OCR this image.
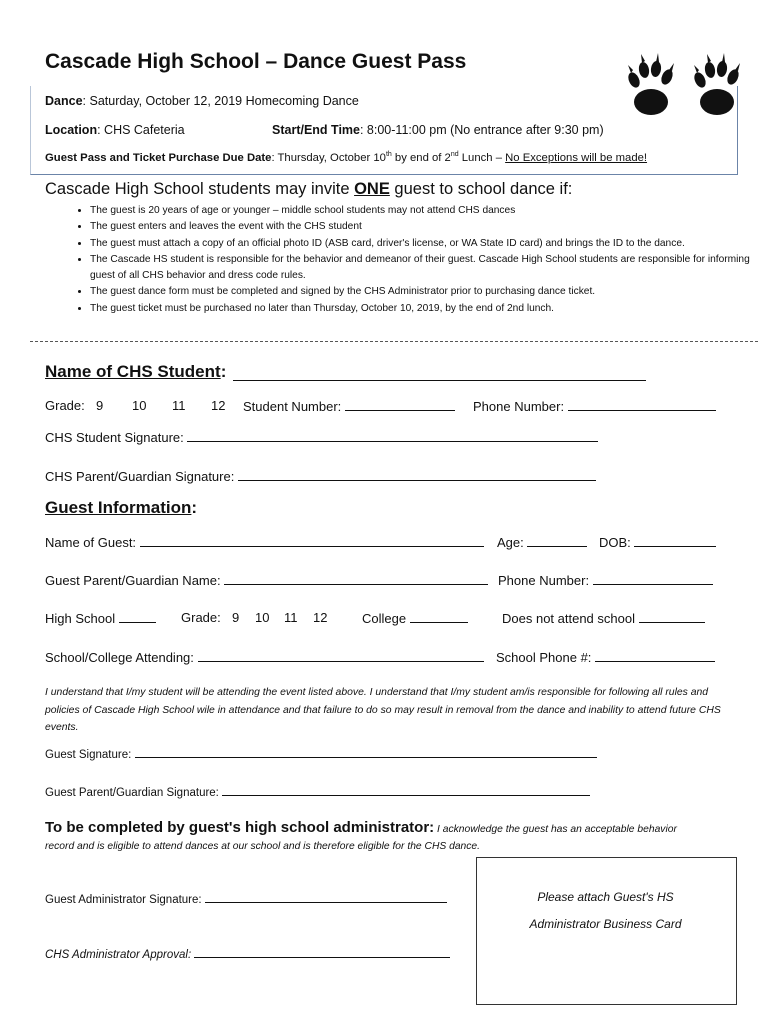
Cascade High School – Dance Guest Pass
Dance: Saturday, October 12, 2019 Homecoming Dance
Location: CHS Cafeteria	Start/End Time: 8:00-11:00 pm (No entrance after 9:30 pm)
Guest Pass and Ticket Purchase Due Date: Thursday, October 10th by end of 2nd Lunch – No Exceptions will be made!
Cascade High School students may invite ONE guest to school dance if:
• The guest is 20 years of age or younger – middle school students may not attend CHS dances
• The guest enters and leaves the event with the CHS student
• The guest must attach a copy of an official photo ID (ASB card, driver's license, or WA State ID card) and brings the ID to the dance.
• The Cascade HS student is responsible for the behavior and demeanor of their guest. Cascade High School students are responsible for informing guest of all CHS behavior and dress code rules.
• The guest dance form must be completed and signed by the CHS Administrator prior to purchasing dance ticket.
• The guest ticket must be purchased no later than Thursday, October 10, 2019, by the end of 2nd lunch.
Name of CHS Student:
Grade: 9 10 11 12 Student Number:	Phone Number:
CHS Student Signature:
CHS Parent/Guardian Signature:
Guest Information:
Name of Guest:	Age:	DOB:
Guest Parent/Guardian Name:	Phone Number:
High School	Grade: 9 10 11 12	College	Does not attend school
School/College Attending:	School Phone #:
I understand that I/my student will be attending the event listed above. I understand that I/my student am/is responsible for following all rules and policies of Cascade High School wile in attendance and that failure to do so may result in removal from the dance and inability to attend future CHS events.
Guest Signature:
Guest Parent/Guardian Signature:
To be completed by guest's high school administrator: I acknowledge the guest has an acceptable behavior
record and is eligible to attend dances at our school and is therefore eligible for the CHS dance.
Guest Administrator Signature:
CHS Administrator Approval:
Please attach Guest's HS
Administrator Business Card
